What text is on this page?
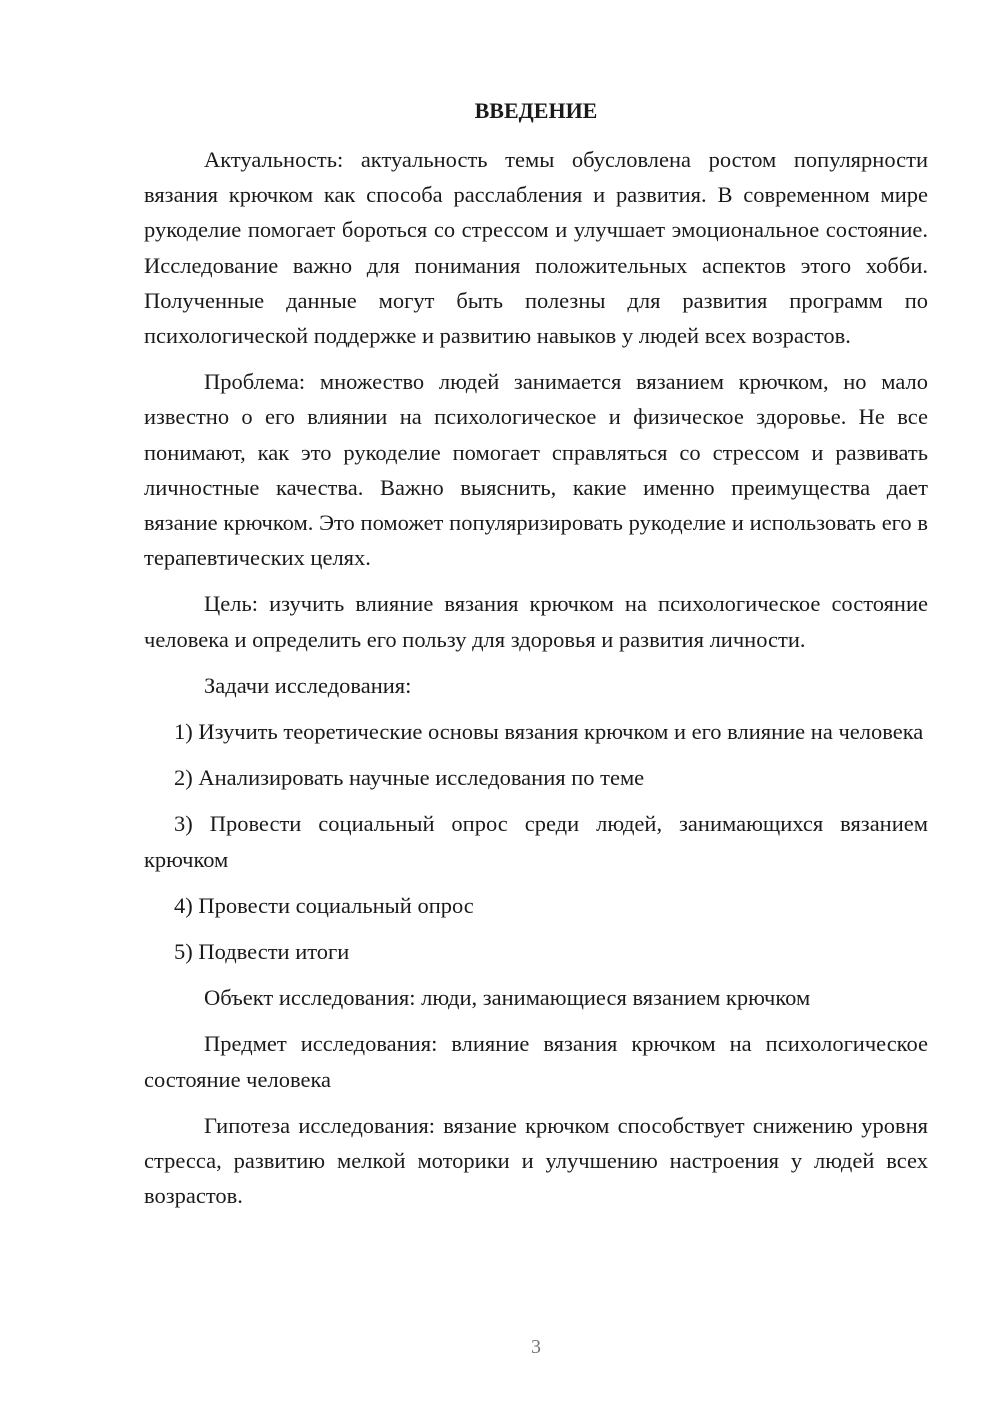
ВВЕДЕНИЕ

Актуальность: актуальность темы обусловлена ростом популярности вязания крючком как способа расслабления и развития. В современном мире рукоделие помогает бороться со стрессом и улучшает эмоциональное состояние. Исследование важно для понимания положительных аспектов этого хобби. Полученные данные могут быть полезны для развития программ по психологической поддержке и развитию навыков у людей всех возрастов.

Проблема: множество людей занимается вязанием крючком, но мало известно о его влиянии на психологическое и физическое здоровье. Не все понимают, как это рукоделие помогает справляться со стрессом и развивать личностные качества. Важно выяснить, какие именно преимущества дает вязание крючком. Это поможет популяризировать рукоделие и использовать его в терапевтических целях.

Цель: изучить влияние вязания крючком на психологическое состояние человека и определить его пользу для здоровья и развития личности.

Задачи исследования:

1) Изучить теоретические основы вязания крючком и его влияние на человека

2) Анализировать научные исследования по теме

3) Провести социальный опрос среди людей, занимающихся вязанием крючком

4) Провести социальный опрос

5) Подвести итоги

Объект исследования: люди, занимающиеся вязанием крючком

Предмет исследования: влияние вязания крючком на психологическое состояние человека

Гипотеза исследования: вязание крючком способствует снижению уровня стресса, развитию мелкой моторики и улучшению настроения у людей всех возрастов.

3
